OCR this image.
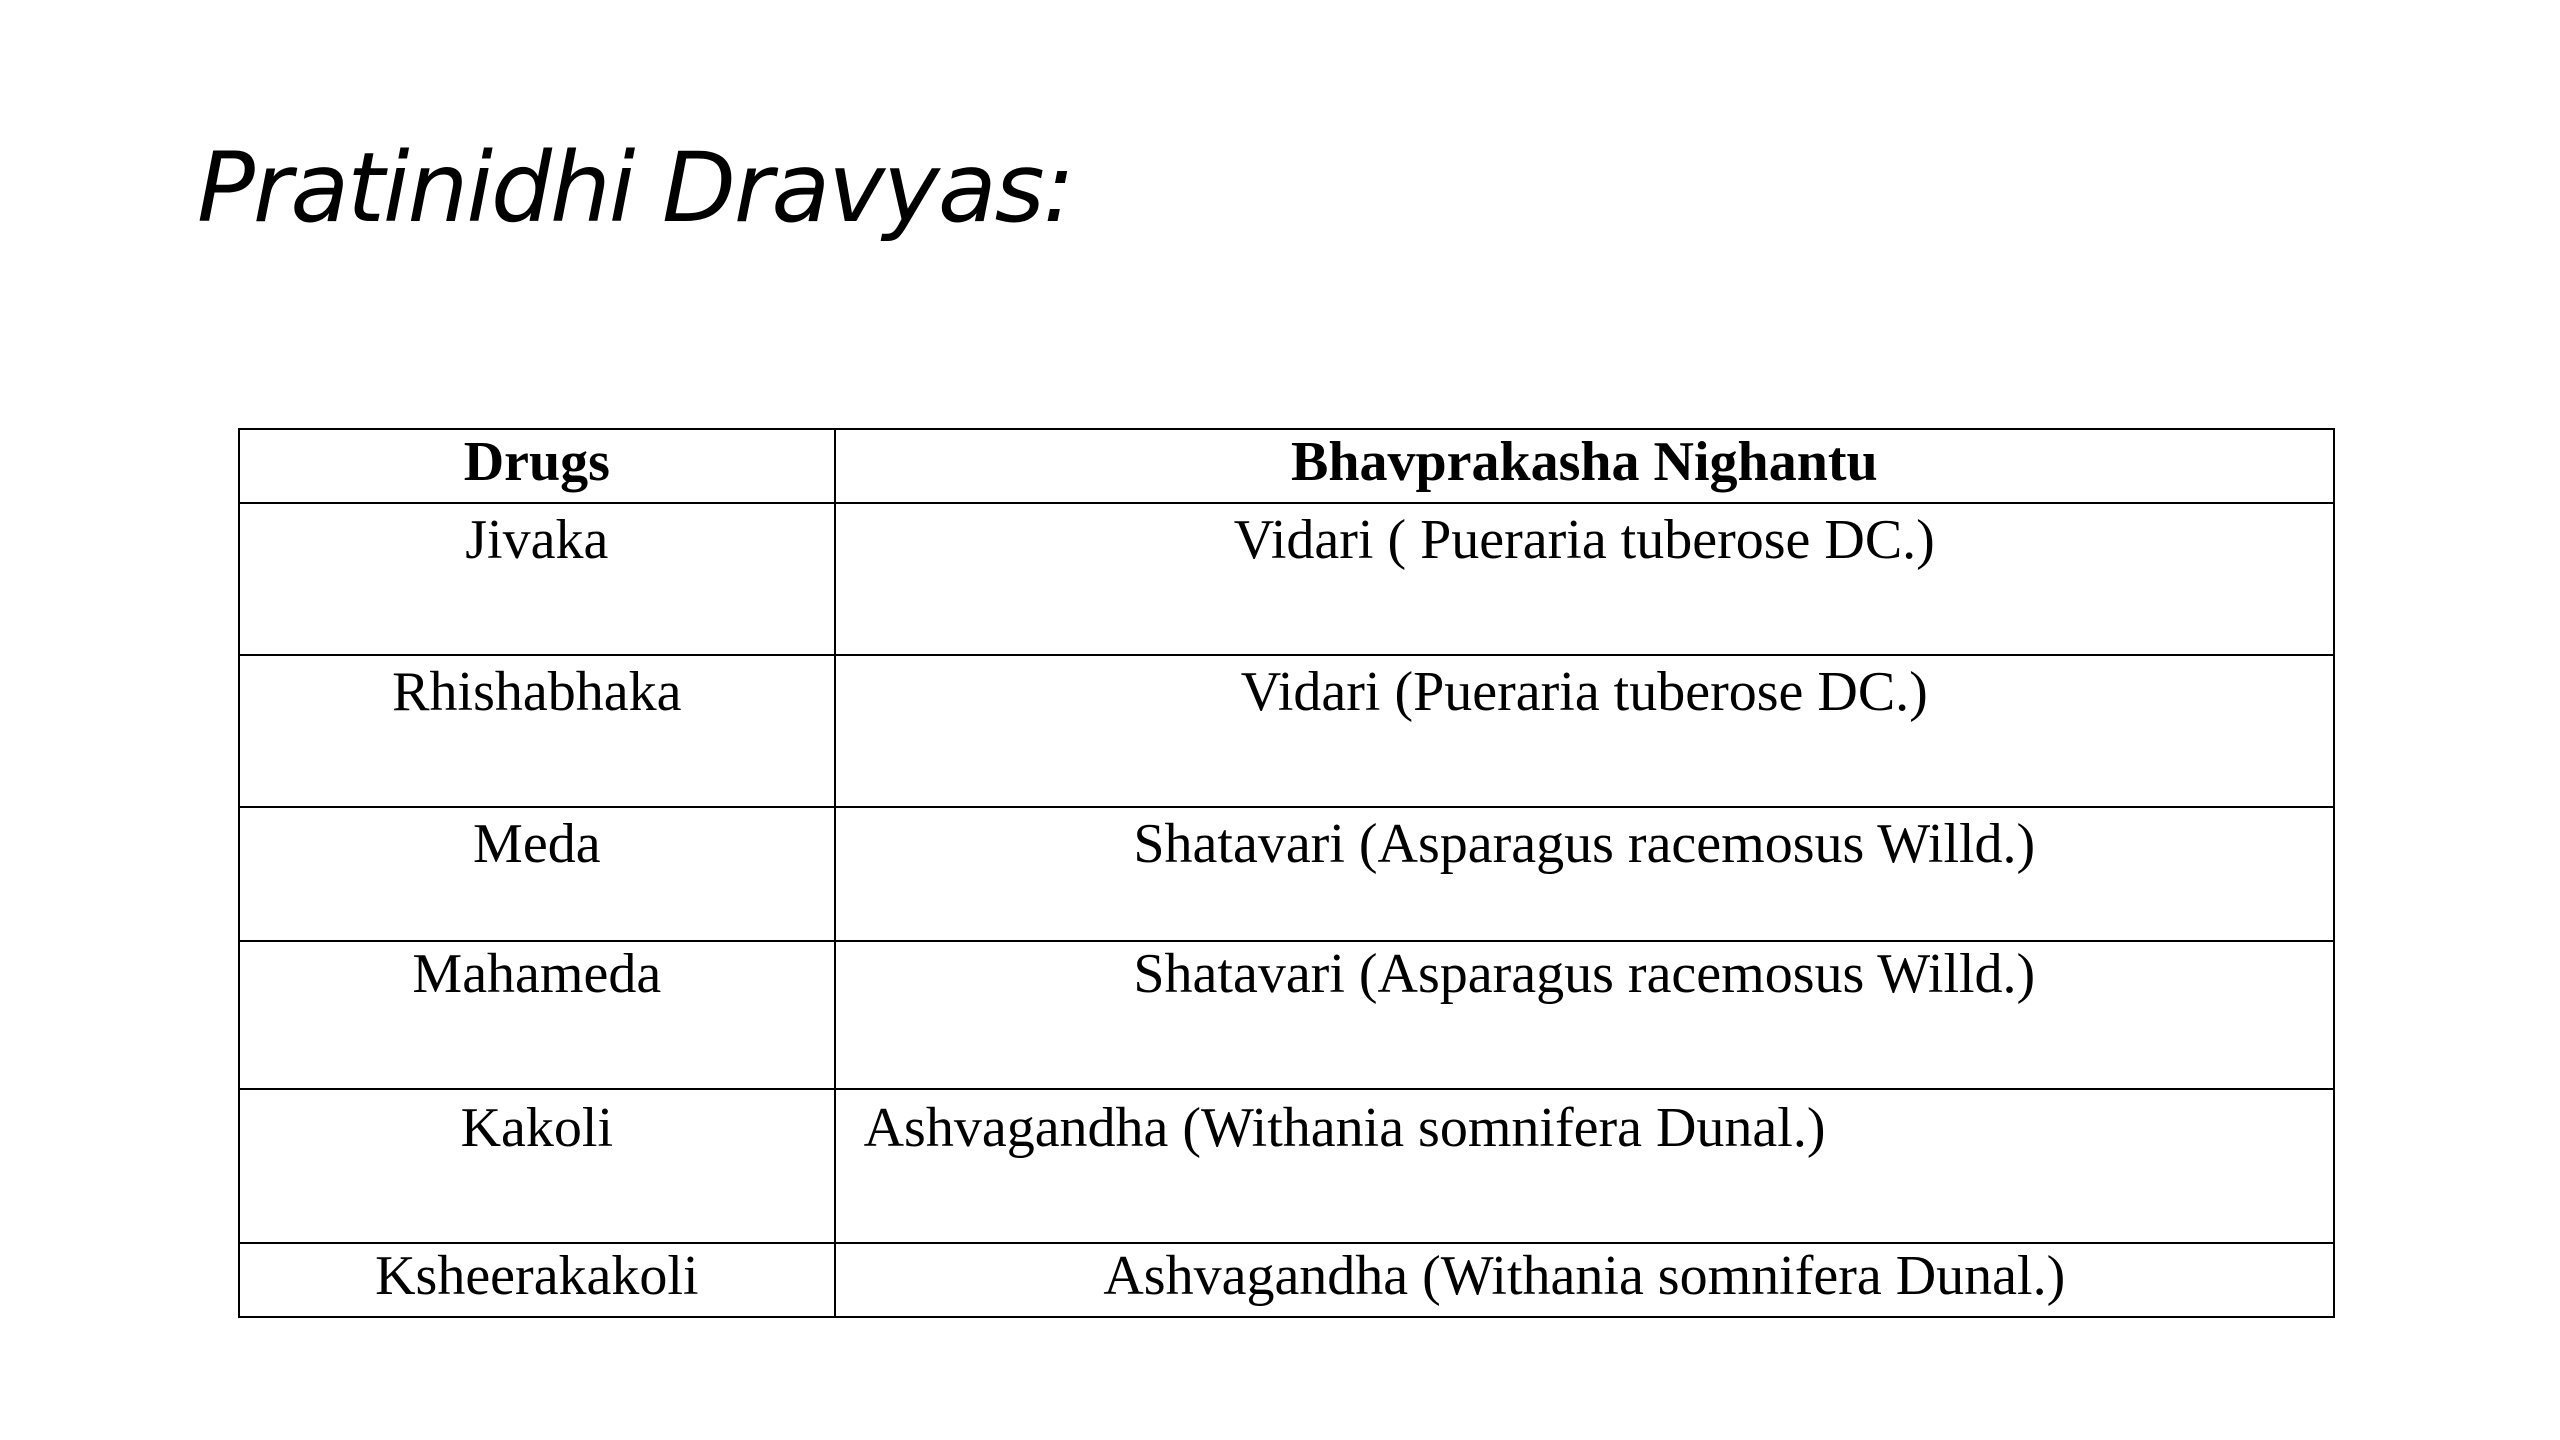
Pratinidhi Dravyas:
Drugs	Bhavprakasha Nighantu
Jivaka	Vidari ( Pueraria tuberose DC.)
Rhishabhaka	Vidari (Pueraria tuberose DC.)
Meda	Shatavari (Asparagus racemosus Willd.)
Mahameda	Shatavari (Asparagus racemosus Willd.)
Kakoli	Ashvagandha (Withania somnifera Dunal.)
Ksheerakakoli	Ashvagandha (Withania somnifera Dunal.)
